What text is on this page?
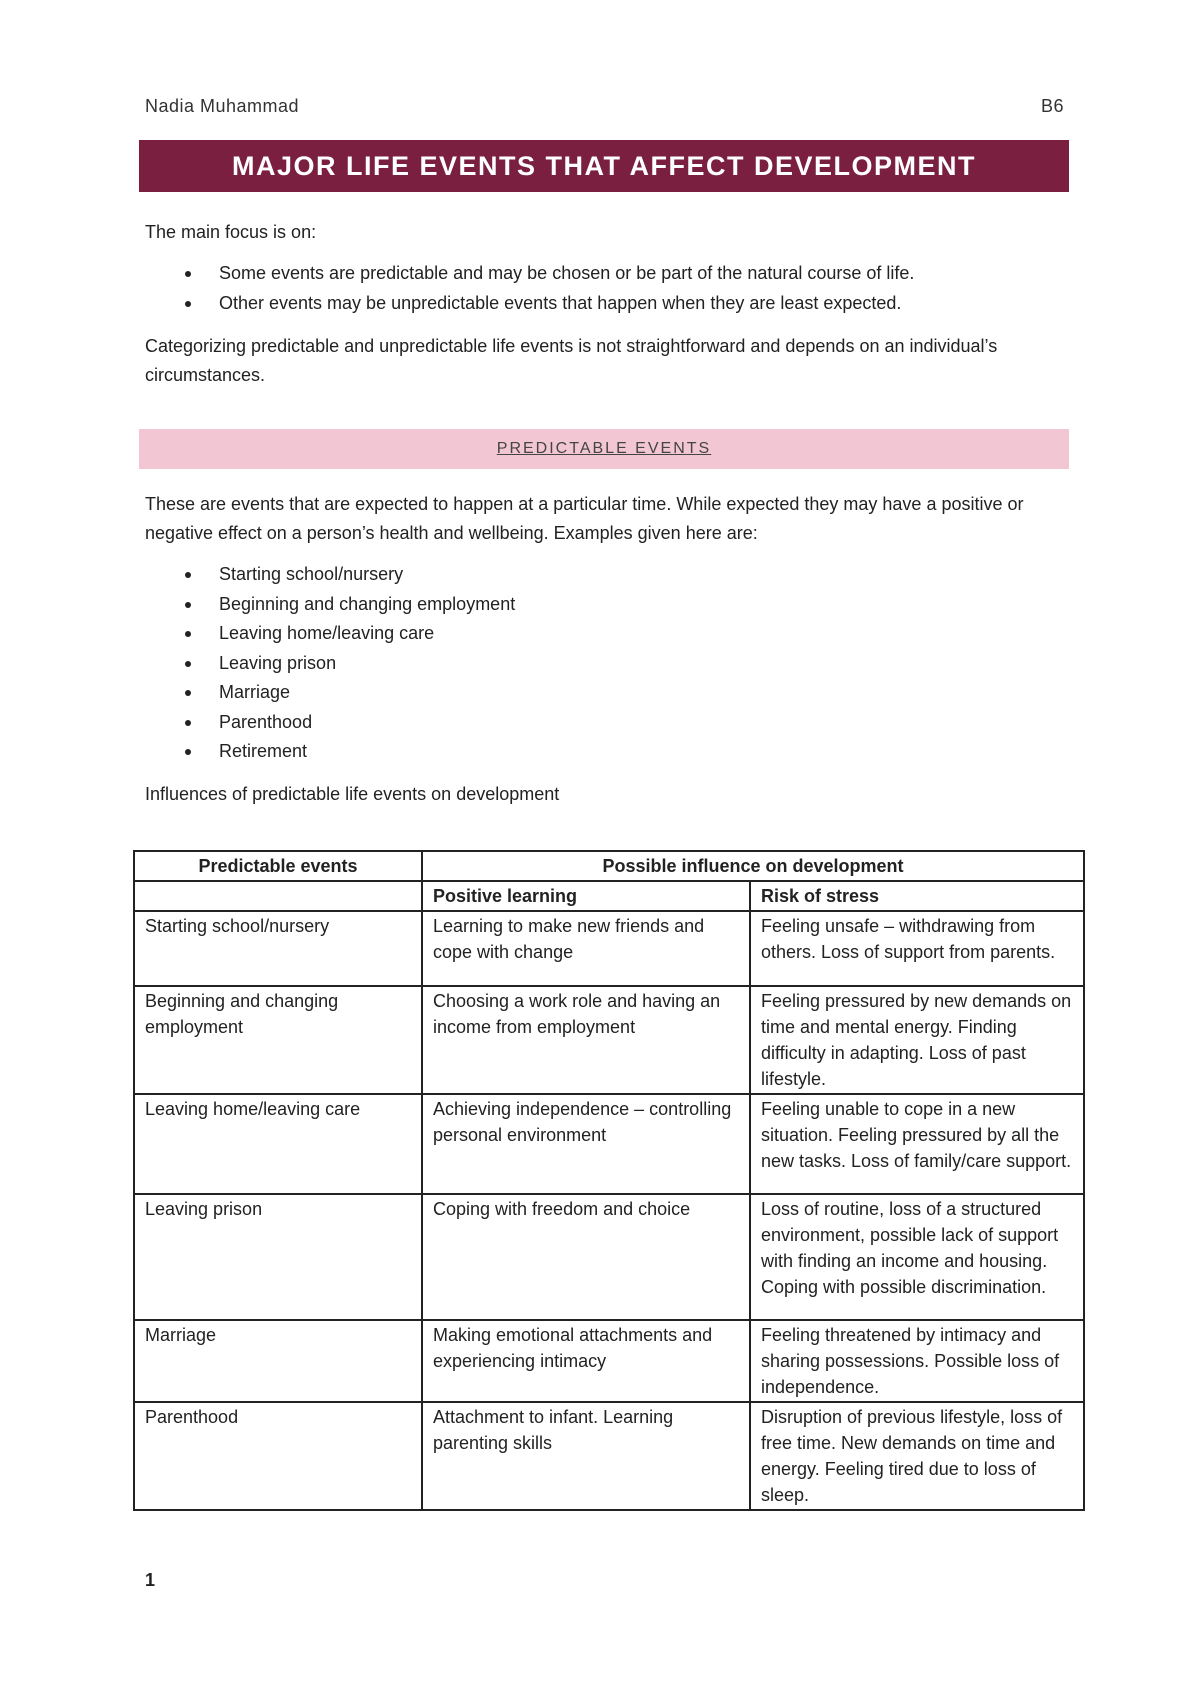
Nadia Muhammad	B6
MAJOR LIFE EVENTS THAT AFFECT DEVELOPMENT
The main focus is on:
Some events are predictable and may be chosen or be part of the natural course of life.
Other events may be unpredictable events that happen when they are least expected.
Categorizing predictable and unpredictable life events is not straightforward and depends on an individual’s circumstances.
PREDICTABLE EVENTS
These are events that are expected to happen at a particular time. While expected they may have a positive or negative effect on a person’s health and wellbeing. Examples given here are:
Starting school/nursery
Beginning and changing employment
Leaving home/leaving care
Leaving prison
Marriage
Parenthood
Retirement
Influences of predictable life events on development
Predictable events	Possible influence on development	
	Positive learning	Risk of stress
Starting school/nursery	Learning to make new friends and cope with change	Feeling unsafe – withdrawing from others. Loss of support from parents.
Beginning and changing employment	Choosing a work role and having an income from employment	Feeling pressured by new demands on time and mental energy. Finding difficulty in adapting. Loss of past lifestyle.
Leaving home/leaving care	Achieving independence – controlling personal environment	Feeling unable to cope in a new situation. Feeling pressured by all the new tasks. Loss of family/care support.
Leaving prison	Coping with freedom and choice	Loss of routine, loss of a structured environment, possible lack of support with finding an income and housing. Coping with possible discrimination.
Marriage	Making emotional attachments and experiencing intimacy	Feeling threatened by intimacy and sharing possessions. Possible loss of independence.
Parenthood	Attachment to infant. Learning parenting skills	Disruption of previous lifestyle, loss of free time. New demands on time and energy. Feeling tired due to loss of sleep.
1
